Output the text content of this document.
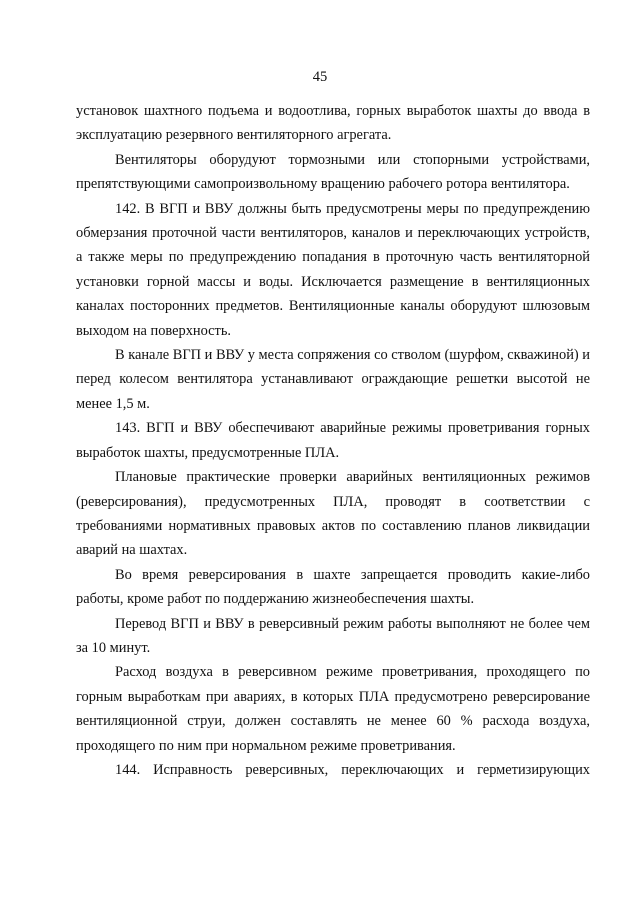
45

установок шахтного подъема и водоотлива, горных выработок шахты до ввода в эксплуатацию резервного вентиляторного агрегата.

Вентиляторы оборудуют тормозными или стопорными устройствами, препятствующими самопроизвольному вращению рабочего ротора вентилятора.

142. В ВГП и ВВУ должны быть предусмотрены меры по предупреждению обмерзания проточной части вентиляторов, каналов и переключающих устройств, а также меры по предупреждению попадания в проточную часть вентиляторной установки горной массы и воды. Исключается размещение в вентиляционных каналах посторонних предметов. Вентиляционные каналы оборудуют шлюзовым выходом на поверхность.

В канале ВГП и ВВУ у места сопряжения со стволом (шурфом, скважиной) и перед колесом вентилятора устанавливают ограждающие решетки высотой не менее 1,5 м.

143. ВГП и ВВУ обеспечивают аварийные режимы проветривания горных выработок шахты, предусмотренные ПЛА.

Плановые практические проверки аварийных вентиляционных режимов (реверсирования), предусмотренных ПЛА, проводят в соответствии с требованиями нормативных правовых актов по составлению планов ликвидации аварий на шахтах.

Во время реверсирования в шахте запрещается проводить какие-либо работы, кроме работ по поддержанию жизнеобеспечения шахты.

Перевод ВГП и ВВУ в реверсивный режим работы выполняют не более чем за 10 минут.

Расход воздуха в реверсивном режиме проветривания, проходящего по горным выработкам при авариях, в которых ПЛА предусмотрено реверсирование вентиляционной струи, должен составлять не менее 60 % расхода воздуха, проходящего по ним при нормальном режиме проветривания.

144. Исправность реверсивных, переключающих и герметизирующих
